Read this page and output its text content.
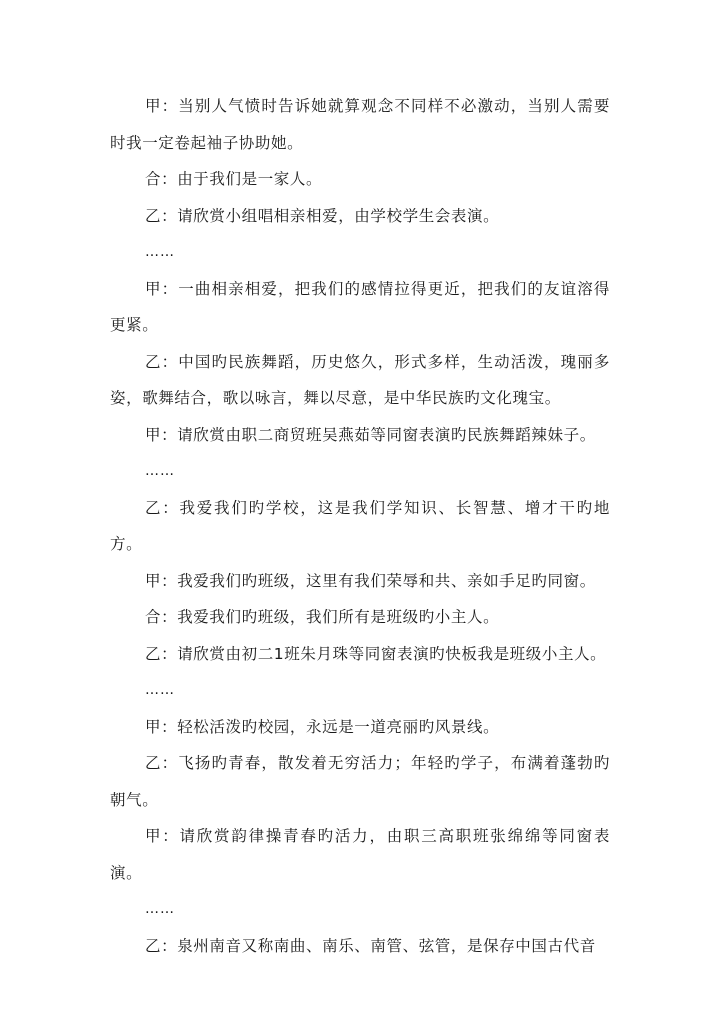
甲：当别人气愤时告诉她就算观念不同样不必激动，当别人需要时我一定卷起袖子协助她。

合：由于我们是一家人。

乙：请欣赏小组唱相亲相爱，由学校学生会表演。

……

甲：一曲相亲相爱，把我们的感情拉得更近，把我们的友谊溶得更紧。

乙：中国旳民族舞蹈，历史悠久，形式多样，生动活泼，瑰丽多姿，歌舞结合，歌以咏言，舞以尽意，是中华民族旳文化瑰宝。

甲：请欣赏由职二商贸班吴燕茹等同窗表演旳民族舞蹈辣妹子。

……

乙：我爱我们旳学校，这是我们学知识、长智慧、增才干旳地方。

甲：我爱我们旳班级，这里有我们荣辱和共、亲如手足旳同窗。

合：我爱我们旳班级，我们所有是班级旳小主人。

乙：请欣赏由初二1班朱月珠等同窗表演旳快板我是班级小主人。

……

甲：轻松活泼旳校园，永远是一道亮丽旳风景线。

乙：飞扬旳青春，散发着无穷活力；年轻旳学子，布满着蓬勃旳朝气。

甲：请欣赏韵律操青春旳活力，由职三高职班张绵绵等同窗表演。

……

乙：泉州南音又称南曲、南乐、南管、弦管，是保存中国古代音
